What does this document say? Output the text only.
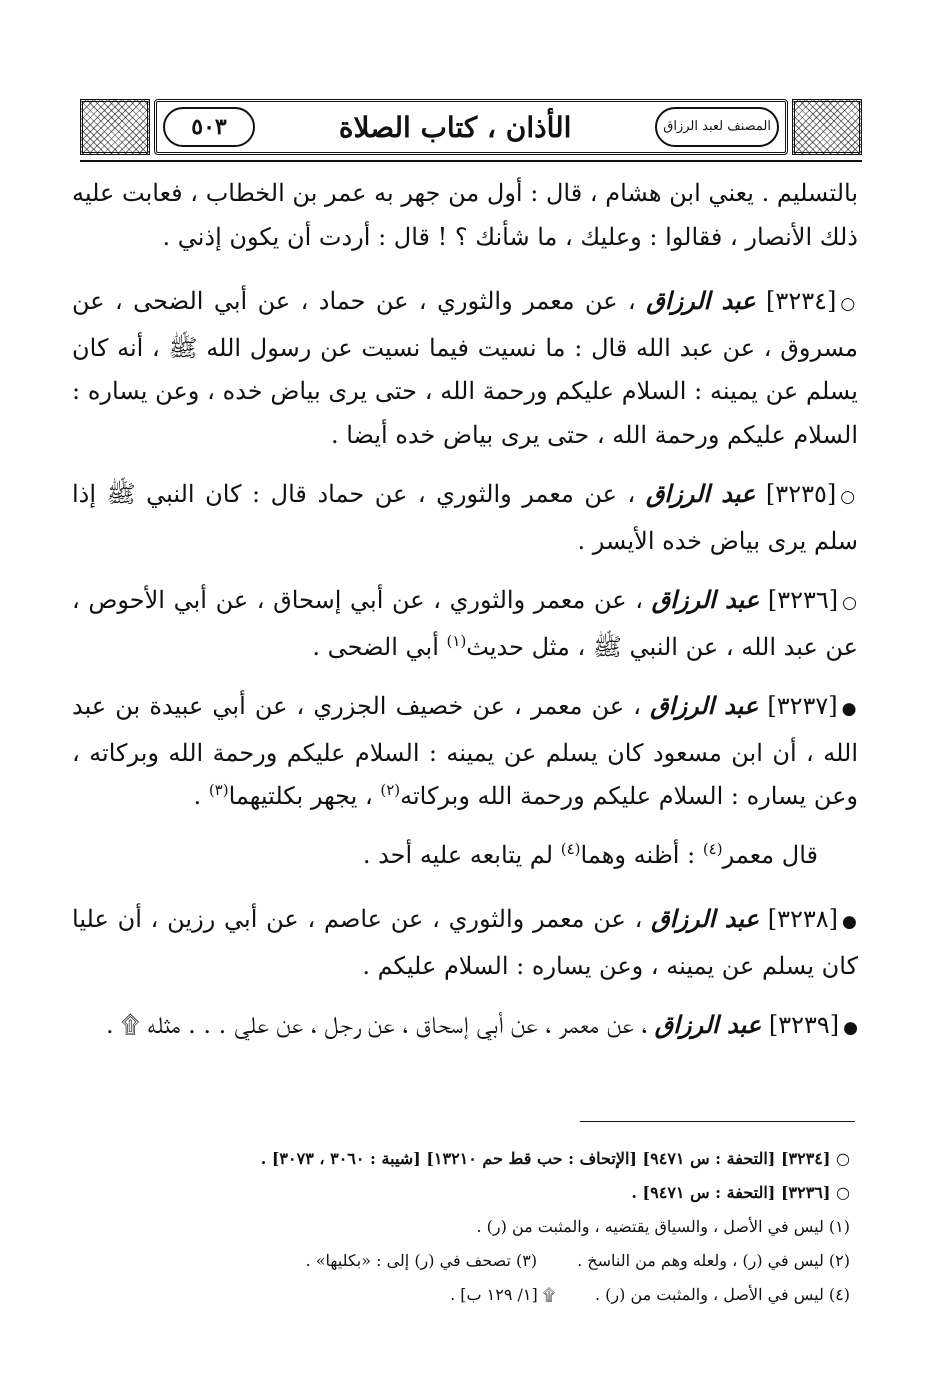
٥٠٣	الأذان ، كتاب الصلاة	المصنف لعبد الرزاق

بالتسليم . يعني ابن هشام ، قال : أول من جهر به عمر بن الخطاب ، فعابت عليه ذلك الأنصار ، فقالوا : وعليك ، ما شأنك ؟ ! قال : أردت أن يكون إذني .

○[٣٢٣٤] عبد الرزاق ، عن معمر والثوري ، عن حماد ، عن أبي الضحى ، عن مسروق ، عن عبد الله قال : ما نسيت فيما نسيت عن رسول الله ﷺ ، أنه كان يسلم عن يمينه : السلام عليكم ورحمة الله ، حتى يرى بياض خده ، وعن يساره : السلام عليكم ورحمة الله ، حتى يرى بياض خده أيضا .

○[٣٢٣٥] عبد الرزاق ، عن معمر والثوري ، عن حماد قال : كان النبي ﷺ إذا سلم يرى بياض خده الأيسر .

○[٣٢٣٦] عبد الرزاق ، عن معمر والثوري ، عن أبي إسحاق ، عن أبي الأحوص ، عن عبد الله ، عن النبي ﷺ ، مثل حديث$^{(١)}$ أبي الضحى .

●[٣٢٣٧] عبد الرزاق ، عن معمر ، عن خصيف الجزري ، عن أبي عبيدة بن عبد الله ، أن ابن مسعود كان يسلم عن يمينه : السلام عليكم ورحمة الله وبركاته ، وعن يساره : السلام عليكم ورحمة الله وبركاته$^{(٢)}$ ، يجهر بكلتيهما$^{(٣)}$ .

قال معمر$^{(٤)}$ : أظنه وهما$^{(٤)}$ لم يتابعه عليه أحد .

●[٣٢٣٨] عبد الرزاق ، عن معمر والثوري ، عن عاصم ، عن أبي رزين ، أن عليا كان يسلم عن يمينه ، وعن يساره : السلام عليكم .

●[٣٢٣٩] عبد الرزاق ، عن معمر ، عن أبي إسحاق ، عن رجل ، عن علي . . . مثله ۩ .

○ [٣٢٣٤] [التحفة : س ٩٤٧١] [الإتحاف : حب قط حم ١٣٢١٠] [شيبة : ٣٠٦٠ ، ٣٠٧٣] .
○ [٣٢٣٦] [التحفة : س ٩٤٧١] .
(١) ليس في الأصل ، والسياق يقتضيه ، والمثبت من (ر) .
(٢) ليس في (ر) ، ولعله وهم من الناسخ .
(٣) تصحف في (ر) إلى : «بكليها» .
(٤) ليس في الأصل ، والمثبت من (ر) .
۩ [١/ ١٢٩ ب] .
